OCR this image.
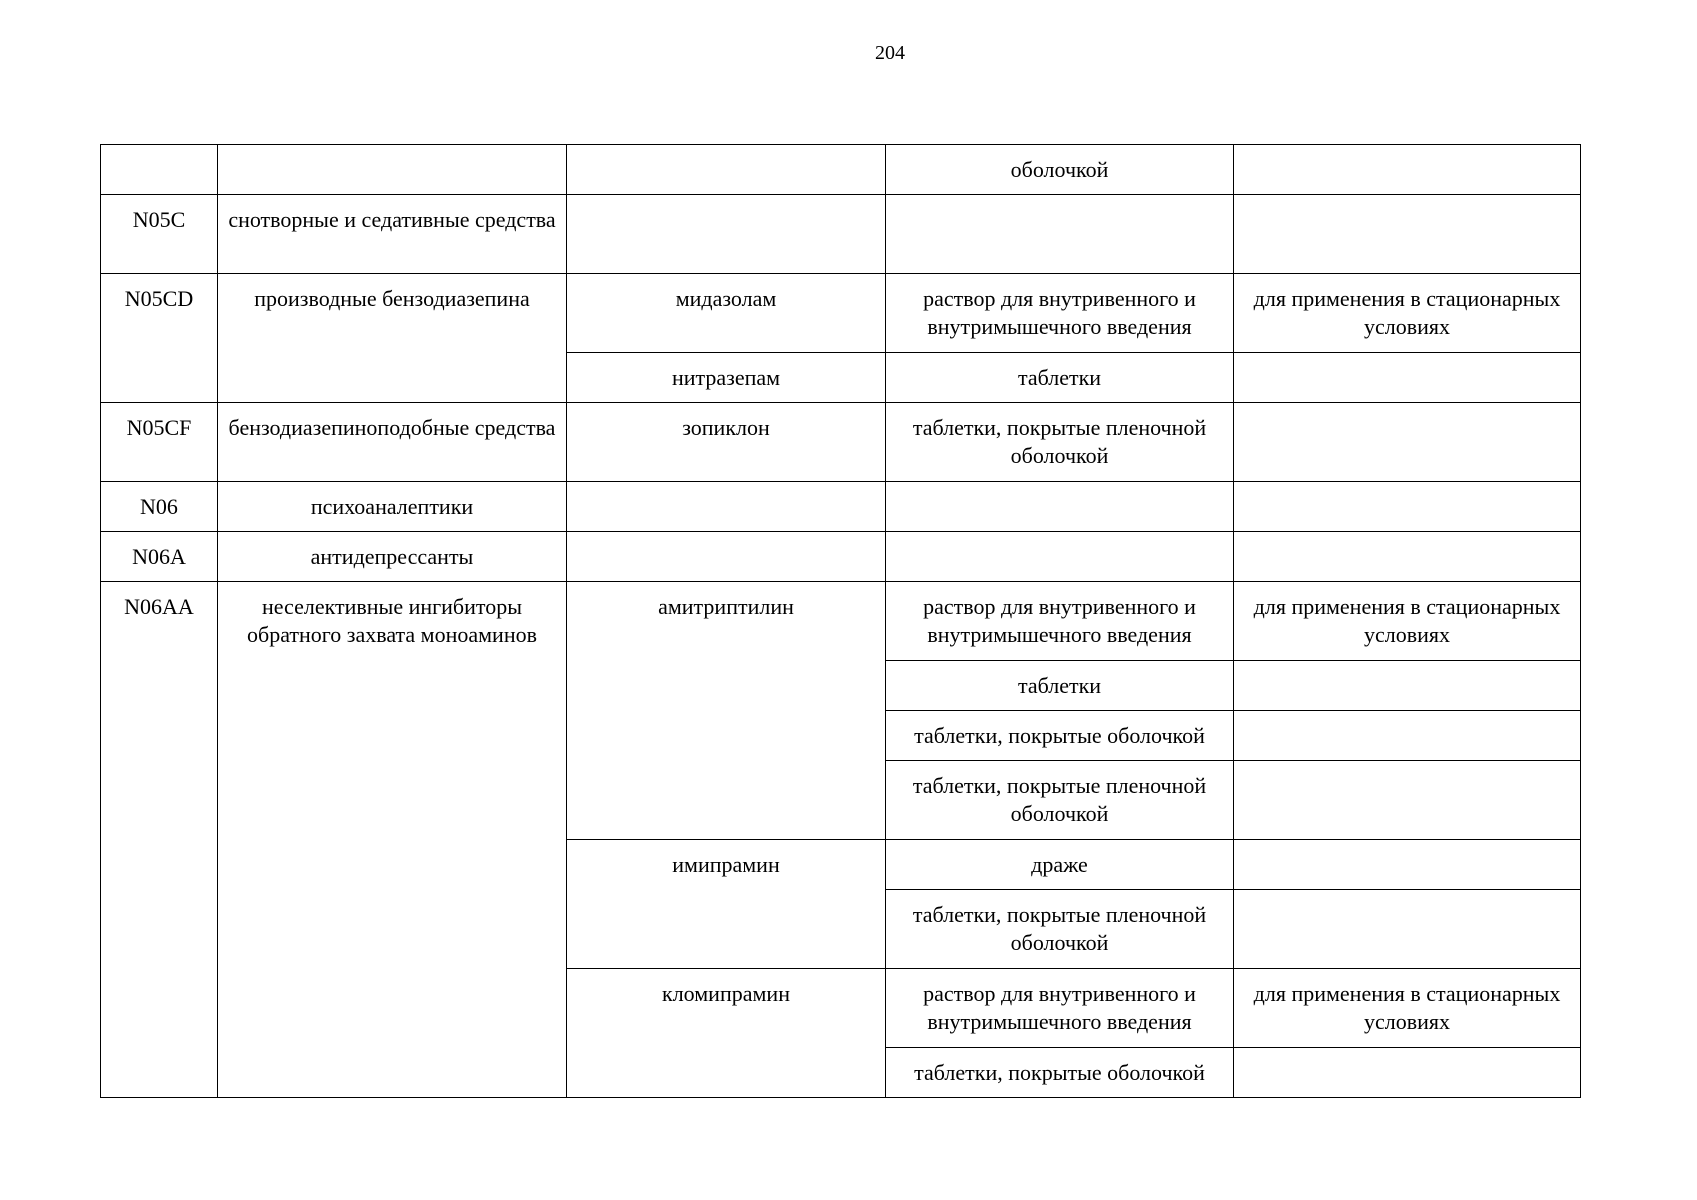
204
			оболочкой	
N05C	снотворные и седативные средства			
N05CD	производные бензодиазепина	мидазолам	раствор для внутривенного и внутримышечного введения	для применения в стационарных условиях
		нитразепам	таблетки	
N05CF	бензодиазепиноподобные средства	зопиклон	таблетки, покрытые пленочной оболочкой	
N06	психоаналептики			
N06A	антидепрессанты			
N06AA	неселективные ингибиторы обратного захвата моноаминов	амитриптилин	раствор для внутривенного и внутримышечного введения	для применения в стационарных условиях
			таблетки	
			таблетки, покрытые оболочкой	
			таблетки, покрытые пленочной оболочкой	
		имипрамин	драже	
			таблетки, покрытые пленочной оболочкой	
		кломипрамин	раствор для внутривенного и внутримышечного введения	для применения в стационарных условиях
			таблетки, покрытые оболочкой	
